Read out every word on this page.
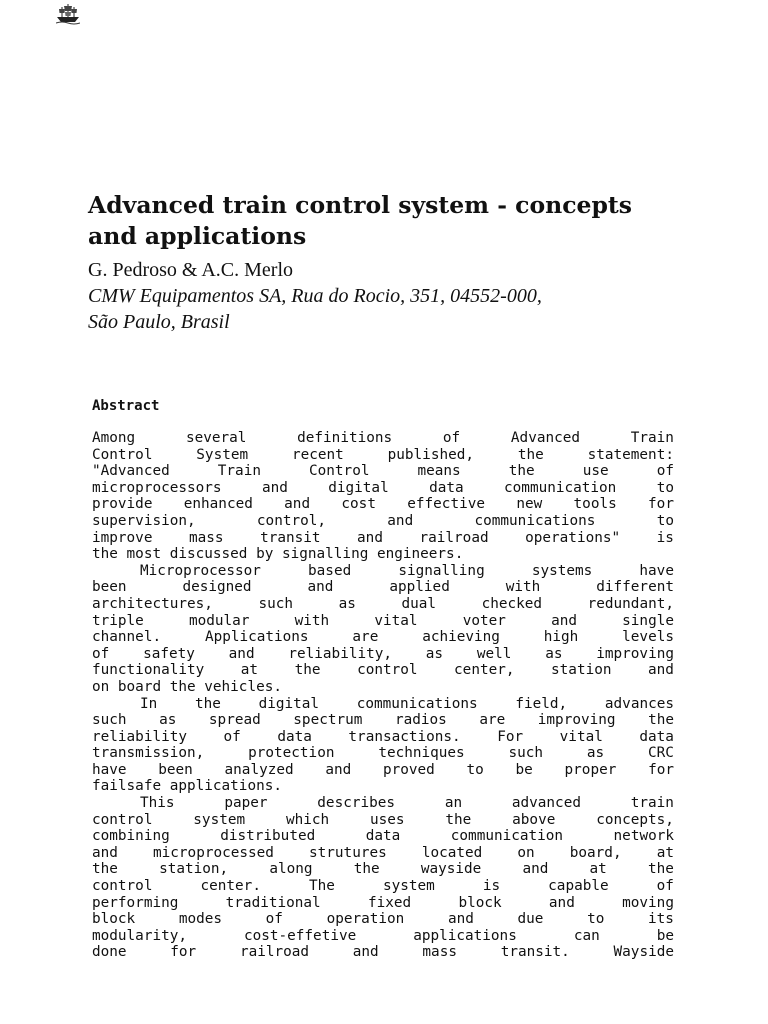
Advanced train control system - concepts
and applications
G. Pedroso & A.C. Merlo
CMW Equipamentos SA, Rua do Rocio, 351, 04552-000,
São Paulo, Brasil
Abstract
Among	several	definitions	of	Advanced	Train
Control	System	recent	published,	the	statement:
"Advanced	Train	Control	means	the	use	of
microprocessors	and	digital	data	communication	to
provide enhanced and cost effective new tools for
supervision,	control,	and	communications	to
improve	mass	transit	and	railroad	operations"	is
the most discussed by signalling engineers.
Microprocessor	based	signalling	systems	have
been	designed	and	applied	with	different
architectures,	such	as	dual	checked	redundant,
triple	modular	with	vital	voter	and	single
channel.	Applications	are	achieving	high	levels
of safety and reliability, as well as improving
functionality	at	the	control	center,	station	and
on board the vehicles.
In	the	digital	communications	field,	advances
such as spread spectrum radios are improving the
reliability	of	data	transactions.	For	vital	data
transmission,	protection	techniques	such	as	CRC
have been analyzed and proved to be proper for
failsafe applications.
This	paper	describes	an	advanced	train
control	system	which	uses	the	above	concepts,
combining	distributed	data	communication	network
and microprocessed strutures located on board, at
the	station,	along	the	wayside	and	at	the
control	center.	The	system	is	capable	of
performing	traditional	fixed	block	and	moving
block	modes	of	operation	and	due	to	its
modularity,	cost-effetive	applications	can	be
done	for	railroad	and	mass	transit.	Wayside
